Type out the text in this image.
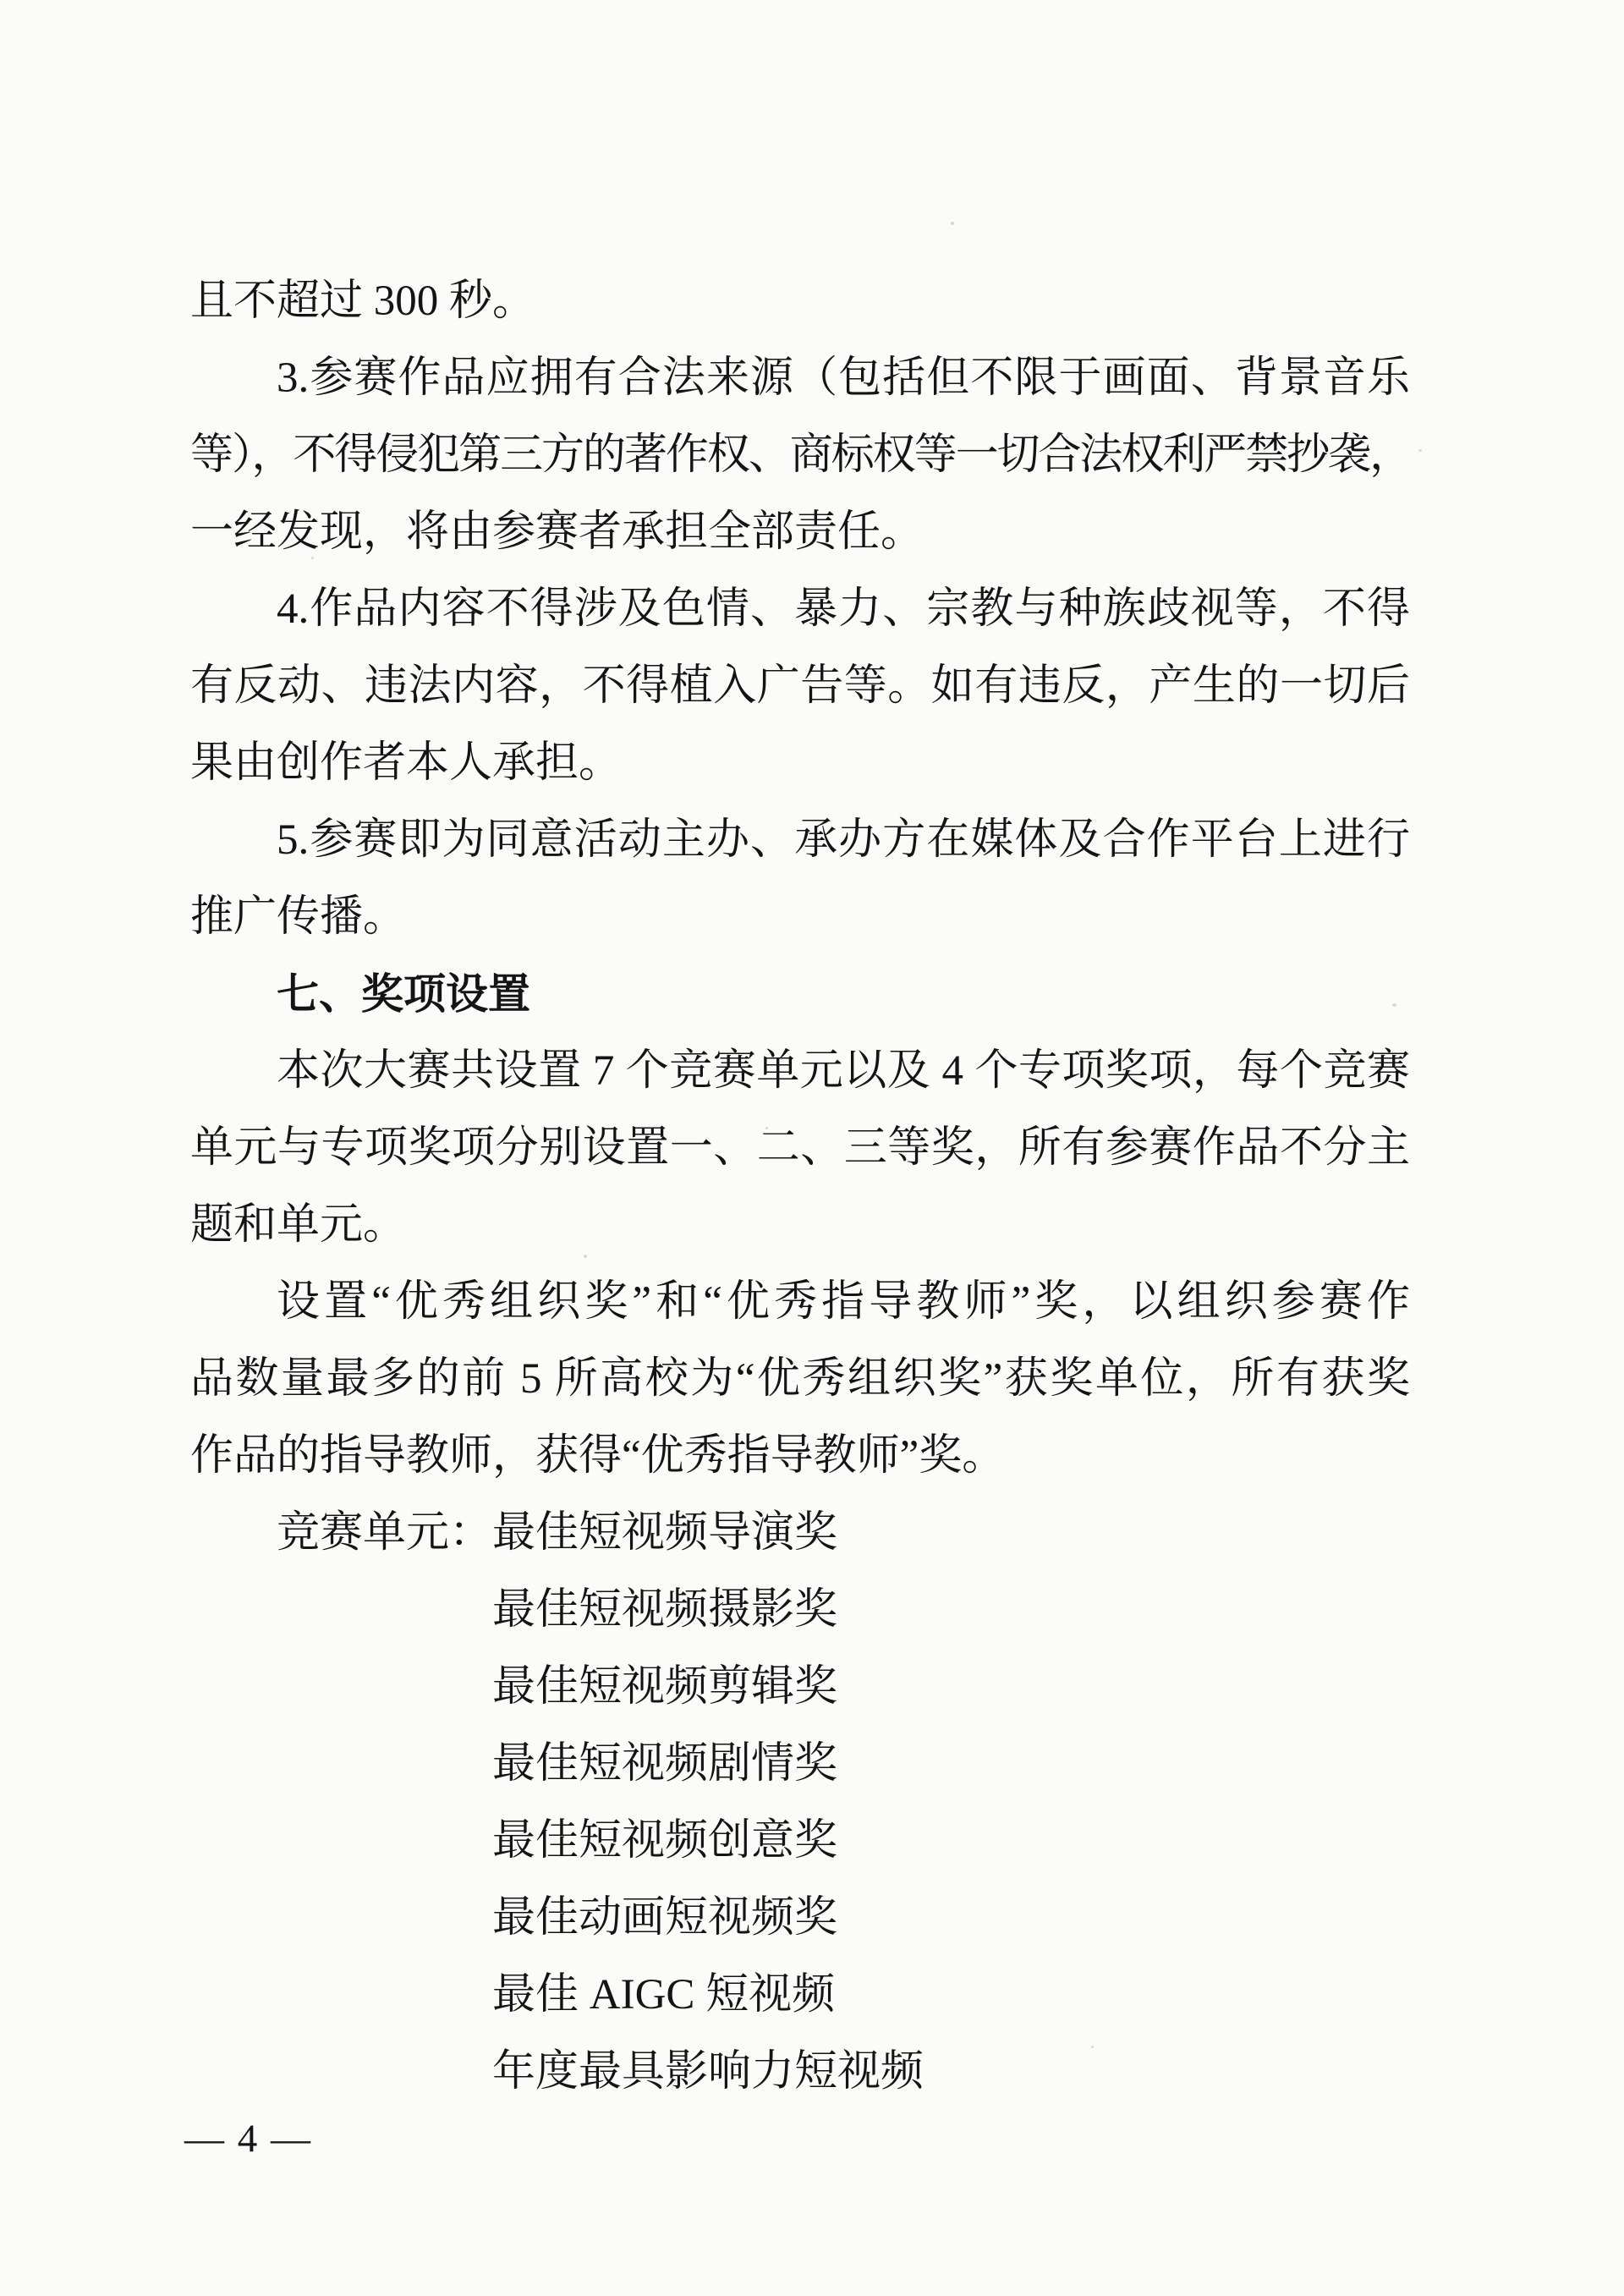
且不超过 300 秒。
3.参赛作品应拥有合法来源（包括但不限于画面、背景音乐
等），不得侵犯第三方的著作权、商标权等一切合法权利严禁抄袭，
一经发现，将由参赛者承担全部责任。
4.作品内容不得涉及色情、暴力、宗教与种族歧视等，不得
有反动、违法内容，不得植入广告等。如有违反，产生的一切后
果由创作者本人承担。
5.参赛即为同意活动主办、承办方在媒体及合作平台上进行
推广传播。
七、奖项设置
本次大赛共设置 7 个竞赛单元以及 4 个专项奖项，每个竞赛
单元与专项奖项分别设置一、二、三等奖，所有参赛作品不分主
题和单元。
设置“优秀组织奖”和“优秀指导教师”奖，以组织参赛作
品数量最多的前 5 所高校为“优秀组织奖”获奖单位，所有获奖
作品的指导教师，获得“优秀指导教师”奖。
竞赛单元：最佳短视频导演奖
最佳短视频摄影奖
最佳短视频剪辑奖
最佳短视频剧情奖
最佳短视频创意奖
最佳动画短视频奖
最佳 AIGC 短视频
年度最具影响力短视频
— 4 —
